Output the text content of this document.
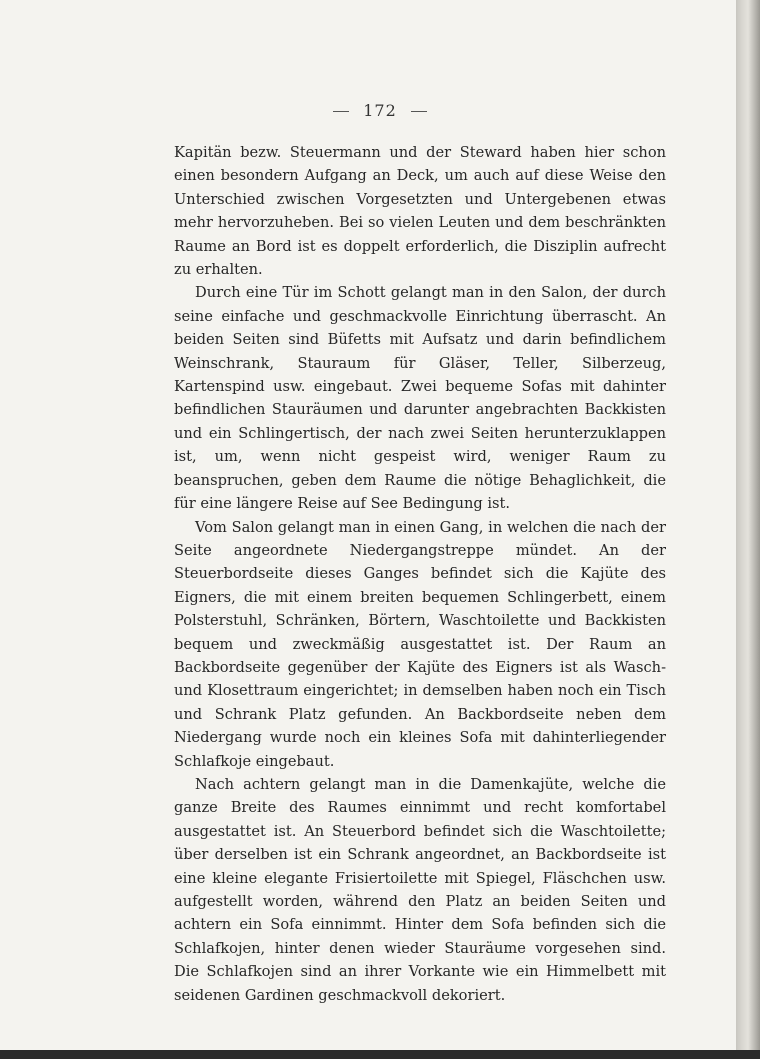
172

Kapitän bezw. Steuermann und der Steward haben hier schon einen besondern Aufgang an Deck, um auch auf diese Weise den Unterschied zwischen Vorgesetzten und Untergebenen etwas mehr hervorzuheben. Bei so vielen Leuten und dem beschränkten Raume an Bord ist es doppelt erforderlich, die Disziplin aufrecht zu erhalten.

Durch eine Tür im Schott gelangt man in den Salon, der durch seine einfache und geschmackvolle Einrichtung überrascht. An beiden Seiten sind Büfetts mit Aufsatz und darin befindlichem Weinschrank, Stauraum für Gläser, Teller, Silberzeug, Kartenspind usw. eingebaut. Zwei bequeme Sofas mit dahinter befindlichen Stauräumen und darunter angebrachten Backkisten und ein Schlingertisch, der nach zwei Seiten herunterzuklappen ist, um, wenn nicht gespeist wird, weniger Raum zu beanspruchen, geben dem Raume die nötige Behaglichkeit, die für eine längere Reise auf See Bedingung ist.

Vom Salon gelangt man in einen Gang, in welchen die nach der Seite angeordnete Niedergangstreppe mündet. An der Steuerbordseite dieses Ganges befindet sich die Kajüte des Eigners, die mit einem breiten bequemen Schlingerbett, einem Polsterstuhl, Schränken, Börtern, Waschtoilette und Backkisten bequem und zweckmäßig ausgestattet ist. Der Raum an Backbordseite gegenüber der Kajüte des Eigners ist als Wasch- und Klosettraum eingerichtet; in demselben haben noch ein Tisch und Schrank Platz gefunden. An Backbordseite neben dem Niedergang wurde noch ein kleines Sofa mit dahinterliegender Schlafkoje eingebaut.

Nach achtern gelangt man in die Damenkajüte, welche die ganze Breite des Raumes einnimmt und recht komfortabel ausgestattet ist. An Steuerbord befindet sich die Waschtoilette; über derselben ist ein Schrank angeordnet, an Backbordseite ist eine kleine elegante Frisiertoilette mit Spiegel, Fläschchen usw. aufgestellt worden, während den Platz an beiden Seiten und achtern ein Sofa einnimmt. Hinter dem Sofa befinden sich die Schlafkojen, hinter denen wieder Stauräume vorgesehen sind. Die Schlafkojen sind an ihrer Vorkante wie ein Himmelbett mit seidenen Gardinen geschmackvoll dekoriert.
